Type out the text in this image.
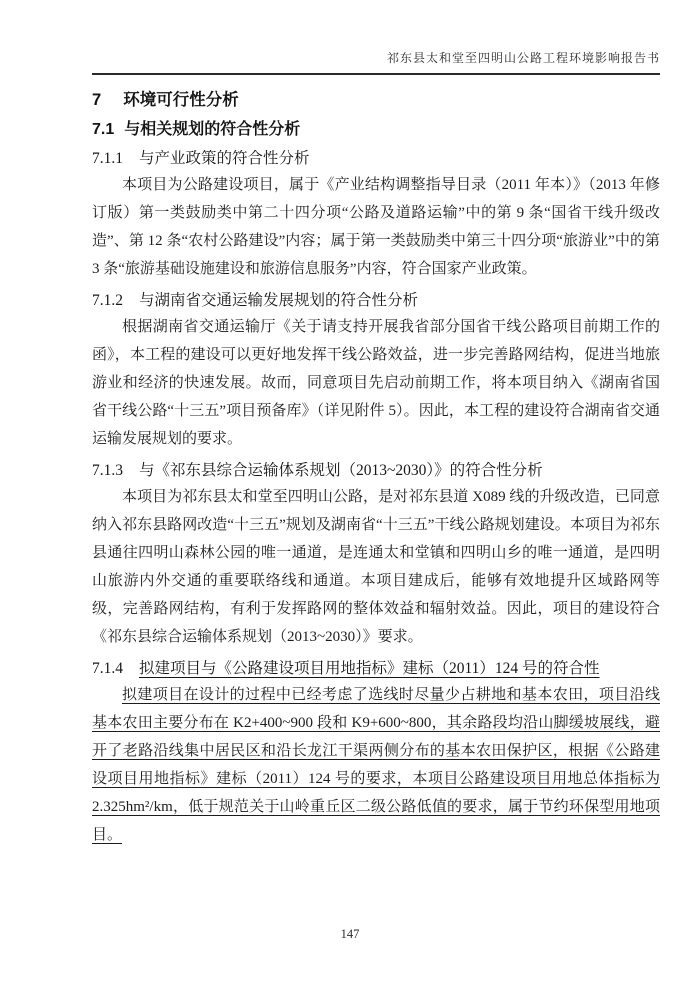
祁东县太和堂至四明山公路工程环境影响报告书
7 环境可行性分析
7.1 与相关规划的符合性分析
7.1.1 与产业政策的符合性分析

本项目为公路建设项目，属于《产业结构调整指导目录（2011 年本）》（2013 年修订版）第一类鼓励类中第二十四分项“公路及道路运输”中的第 9 条“国省干线升级改造”、第 12 条“农村公路建设”内容；属于第一类鼓励类中第三十四分项“旅游业”中的第 3 条“旅游基础设施建设和旅游信息服务”内容，符合国家产业政策。

7.1.2 与湖南省交通运输发展规划的符合性分析

根据湖南省交通运输厅《关于请支持开展我省部分国省干线公路项目前期工作的函》，本工程的建设可以更好地发挥干线公路效益，进一步完善路网结构，促进当地旅游业和经济的快速发展。故而，同意项目先启动前期工作，将本项目纳入《湖南省国省干线公路“十三五”项目预备库》（详见附件 5）。因此，本工程的建设符合湖南省交通运输发展规划的要求。

7.1.3 与《祁东县综合运输体系规划（2013~2030）》的符合性分析

本项目为祁东县太和堂至四明山公路，是对祁东县道 X089 线的升级改造，已同意纳入祁东县路网改造“十三五”规划及湖南省“十三五”干线公路规划建设。本项目为祁东县通往四明山森林公园的唯一通道，是连通太和堂镇和四明山乡的唯一通道，是四明山旅游内外交通的重要联络线和通道。本项目建成后，能够有效地提升区域路网等级，完善路网结构，有利于发挥路网的整体效益和辐射效益。因此，项目的建设符合《祁东县综合运输体系规划（2013~2030）》要求。

7.1.4 拟建项目与《公路建设项目用地指标》建标（2011）124 号的符合性

拟建项目在设计的过程中已经考虑了选线时尽量少占耕地和基本农田，项目沿线基本农田主要分布在 K2+400~900 段和 K9+600~800，其余路段均沿山脚缓坡展线，避开了老路沿线集中居民区和沿长龙江干渠两侧分布的基本农田保护区，根据《公路建设项目用地指标》建标（2011）124 号的要求，本项目公路建设项目用地总体指标为 2.325hm²/km，低于规范关于山岭重丘区二级公路低值的要求，属于节约环保型用地项目。

147
